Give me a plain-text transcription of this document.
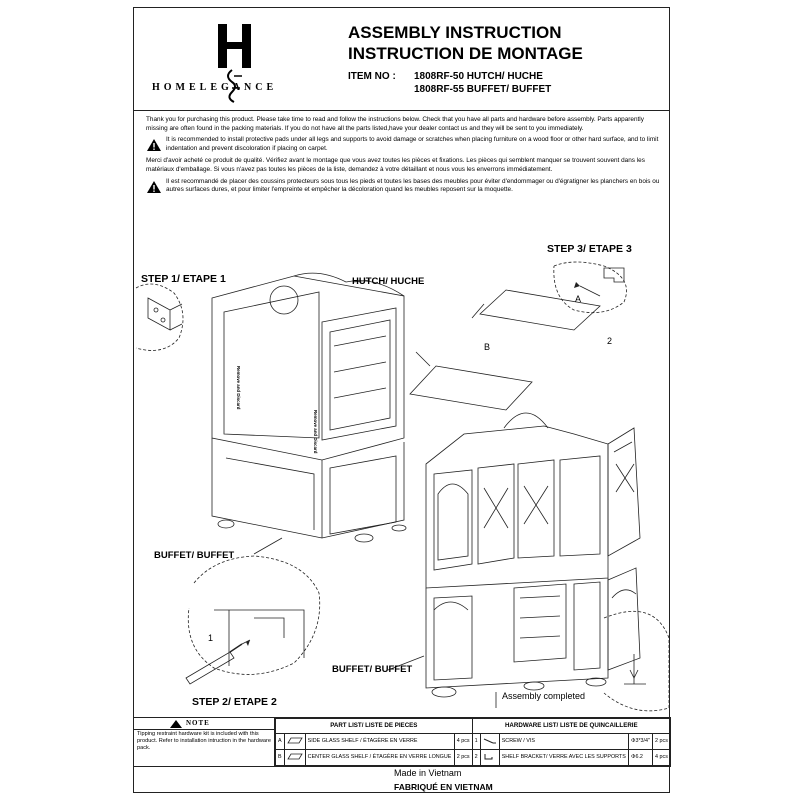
HOMELEGANCE
ASSEMBLY INSTRUCTION
INSTRUCTION DE MONTAGE
ITEM NO : 1808RF-50 HUTCH/ HUCHE
1808RF-55 BUFFET/ BUFFET

Thank you for purchasing this product. Please take time to read and follow the instructions below. Check that you have all parts and hardware before assembly. Parts apparently missing are often found in the packing materials. If you do not have all the parts listed,have your dealer contact us and they will be sent to you immediately.

It is recommended to install protective pads under all legs and supports to avoid damage or scratches when placing furniture on a wood floor or other hard surface, and to limit indentation and prevent discoloration if placing on carpet.

Merci d'avoir acheté ce produit de qualité. Vérifiez avant le montage que vous avez toutes les pièces et fixations. Les pièces qui semblent manquer se trouvent souvent dans les matériaux d'emballage. Si vous n'avez pas toutes les pièces de la liste, demandez à votre détaillant et nous vous les enverrons immédiatement.

Il est recommandé de placer des coussins protecteurs sous tous les pieds et toutes les bases des meubles pour éviter d'endommager ou d'égratigner les planchers en bois ou autres surfaces dures, et pour limiter l'empreinte et empêcher la décoloration quand les meubles reposent sur la moquette.
Remove and Discard
Remove and Discard
STEP 1/ ETAPE 1	HUTCH/ HUCHE
BUFFET/ BUFFET
1
STEP 2/ ETAPE 2
STEP 3/ ETAPE 3
A
B
2
BUFFET/ BUFFET
Assembly completed
NOTE
Tipping restraint hardware kit is included with this product. Refer to installation intruction in the hardware pack.
PART LIST/ LISTE DE PIECES				HARDWARE LIST/ LISTE DE QUINCAILLERIE				
A		SIDE GLASS SHELF / ÉTAGÈRE EN VERRE	4 pcs	1		SCREW / VIS	Φ3*3/4"	2 pcs
B		CENTER GLASS SHELF / ÉTAGÈRE EN VERRE LONGUE	2 pcs	2		SHELF BRACKET/ VERRE AVEC LES SUPPORTS	Φ6.2	4 pcs
Made in Vietnam
FABRIQUÉ EN VIETNAM
